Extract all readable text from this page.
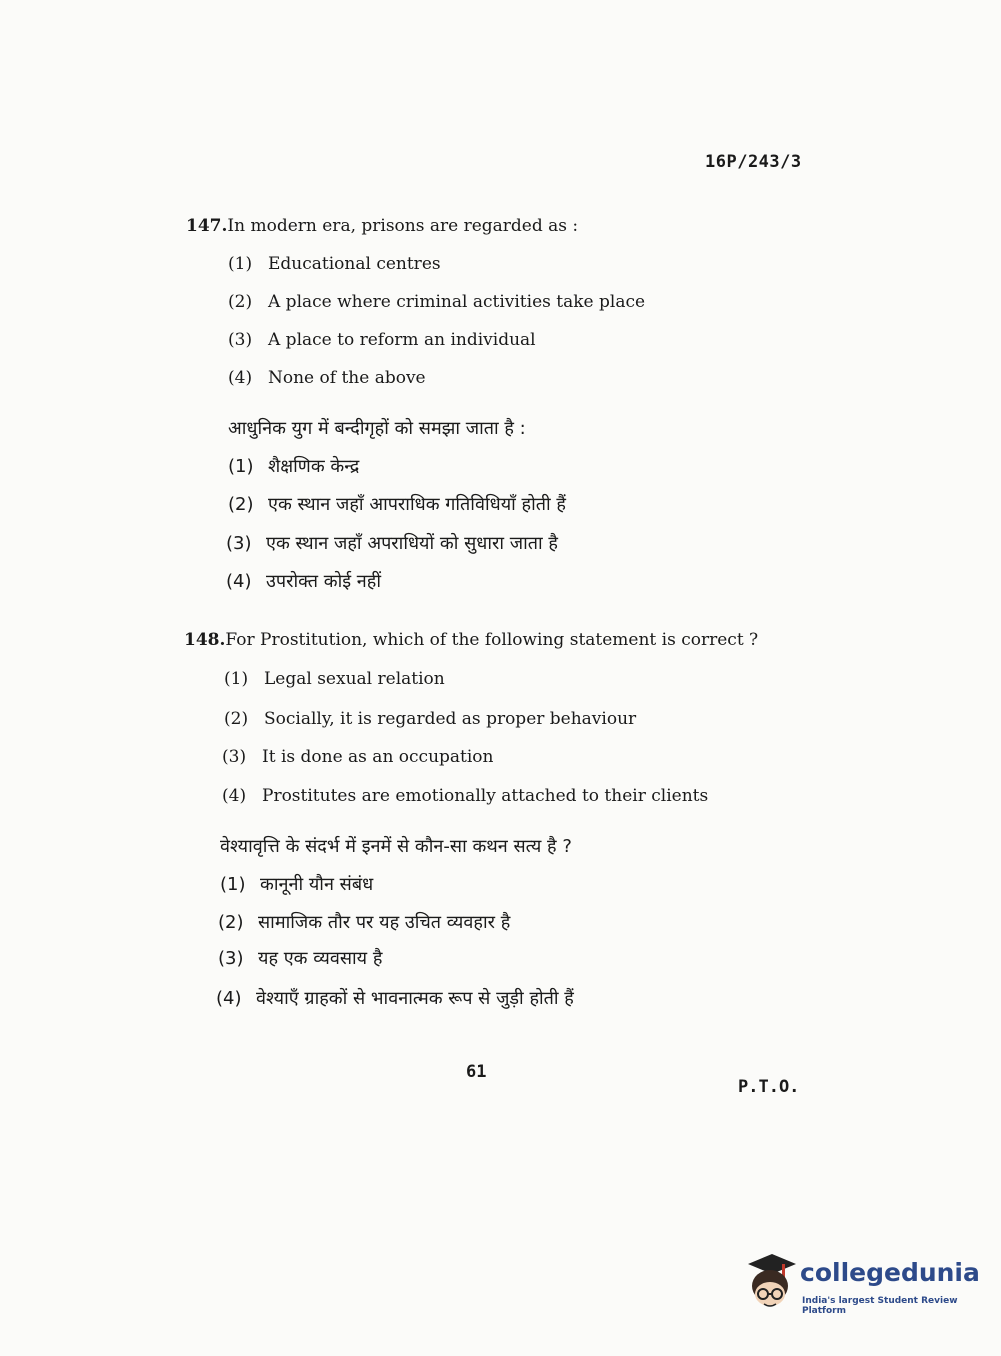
16P/243/3
147.In modern era, prisons are regarded as :
(1) Educational centres
(2) A place where criminal activities take place
(3) A place to reform an individual
(4) None of the above
आधुनिक युग में बन्दीगृहों को समझा जाता है :
(1) शैक्षणिक केन्द्र
(2) एक स्थान जहाँ आपराधिक गतिविधियाँ होती हैं
(3) एक स्थान जहाँ अपराधियों को सुधारा जाता है
(4) उपरोक्त कोई नहीं
148.For Prostitution, which of the following statement is correct ?
(1) Legal sexual relation
(2) Socially, it is regarded as proper behaviour
(3) It is done as an occupation
(4) Prostitutes are emotionally attached to their clients
वेश्यावृत्ति के संदर्भ में इनमें से कौन-सा कथन सत्य है ?
(1) कानूनी यौन संबंध
(2) सामाजिक तौर पर यह उचित व्यवहार है
(3) यह एक व्यवसाय है
(4) वेश्याएँ ग्राहकों से भावनात्मक रूप से जुड़ी होती हैं
61
P.T.O.
collegedunia
India's largest Student Review Platform
